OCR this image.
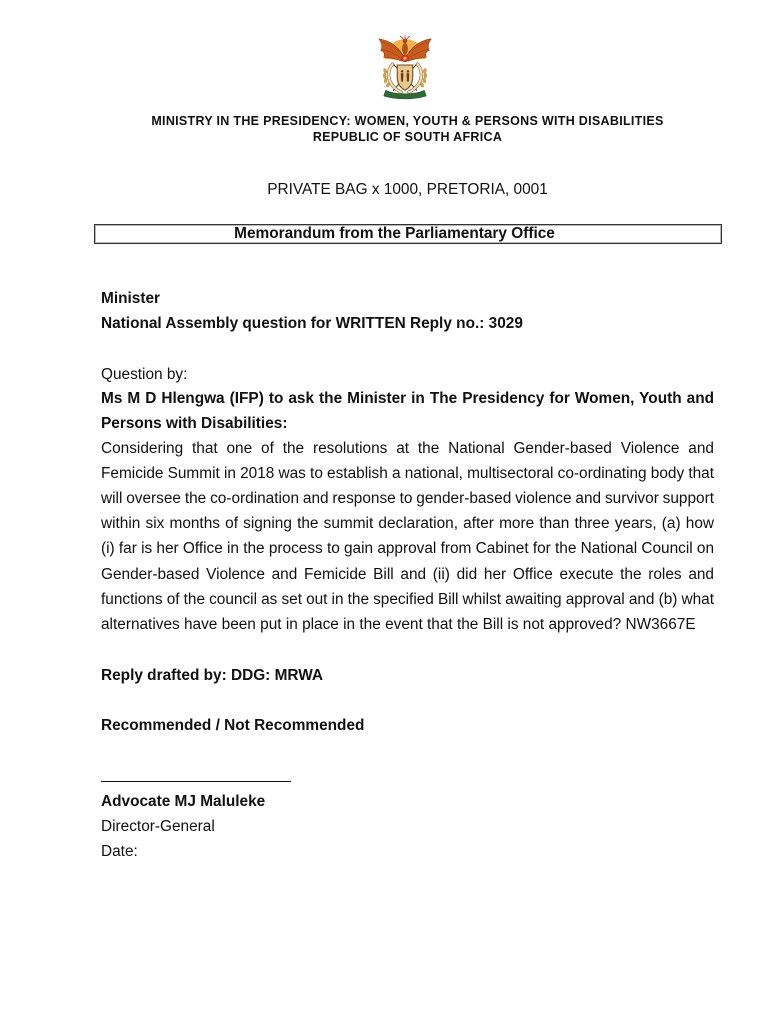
MINISTRY IN THE PRESIDENCY: WOMEN, YOUTH & PERSONS WITH DISABILITIES
REPUBLIC OF SOUTH AFRICA
PRIVATE BAG x 1000, PRETORIA, 0001
Memorandum from the Parliamentary Office
Minister
National Assembly question for WRITTEN Reply no.: 3029
Question by:
Ms M D Hlengwa (IFP) to ask the Minister in The Presidency for Women, Youth and
Persons with Disabilities:
Considering that one of the resolutions at the National Gender-based Violence and
Femicide Summit in 2018 was to establish a national, multisectoral co-ordinating body that
will oversee the co-ordination and response to gender-based violence and survivor support
within six months of signing the summit declaration, after more than three years, (a) how
(i) far is her Office in the process to gain approval from Cabinet for the National Council on
Gender-based Violence and Femicide Bill and (ii) did her Office execute the roles and
functions of the council as set out in the specified Bill whilst awaiting approval and (b) what
alternatives have been put in place in the event that the Bill is not approved? NW3667E
Reply drafted by: DDG: MRWA
Recommended / Not Recommended
Advocate MJ Maluleke
Director-General
Date:
